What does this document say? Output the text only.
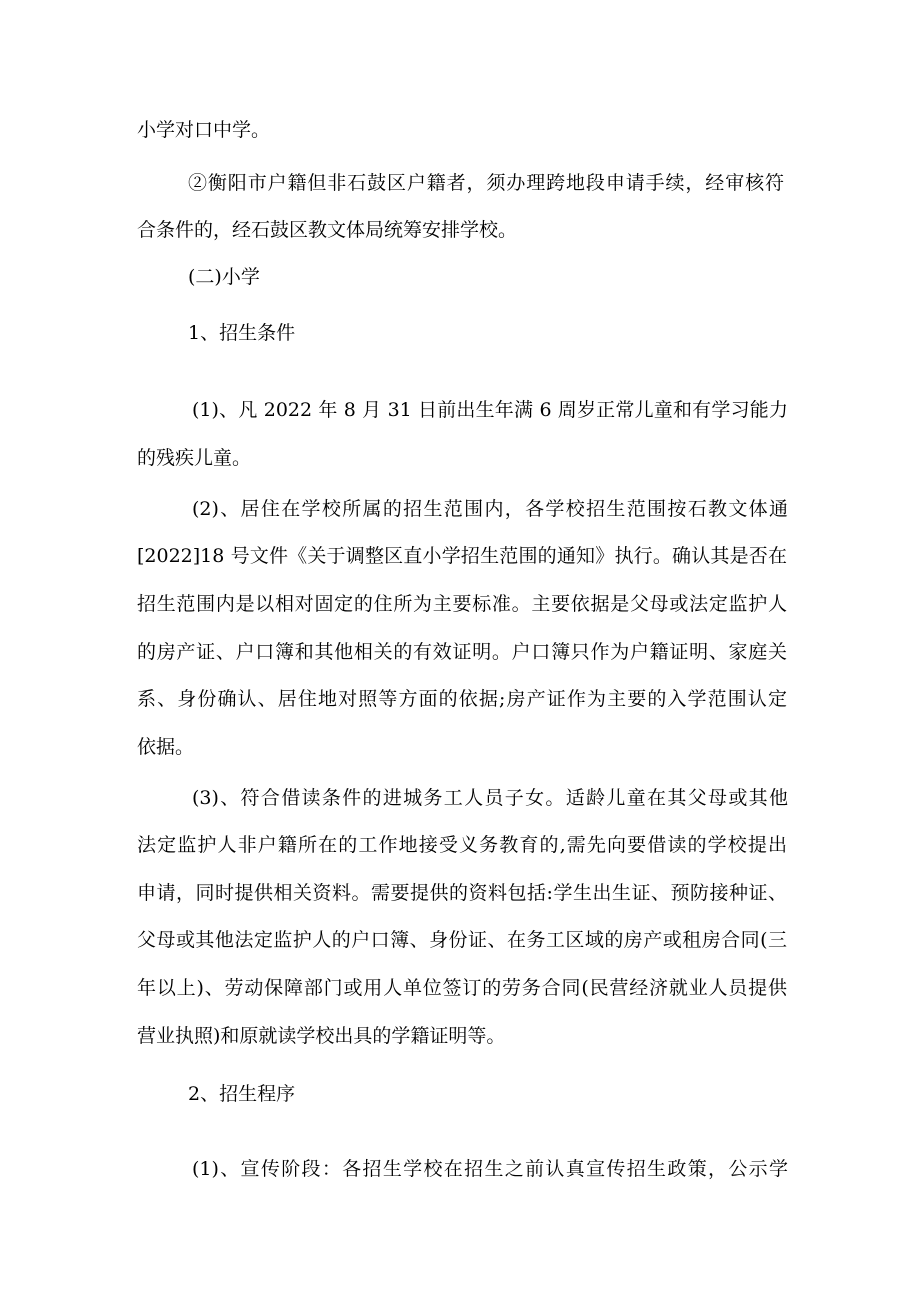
小学对口中学。
②衡阳市户籍但非石鼓区户籍者，须办理跨地段申请手续，经审核符
合条件的，经石鼓区教文体局统筹安排学校。
(二)小学
1、招生条件
(1)、凡 2022 年 8 月 31 日前出生年满 6 周岁正常儿童和有学习能力
的残疾儿童。
(2)、居住在学校所属的招生范围内，各学校招生范围按石教文体通
[2022]18 号文件《关于调整区直小学招生范围的通知》执行。确认其是否在
招生范围内是以相对固定的住所为主要标准。主要依据是父母或法定监护人
的房产证、户口簿和其他相关的有效证明。户口簿只作为户籍证明、家庭关
系、身份确认、居住地对照等方面的依据;房产证作为主要的入学范围认定
依据。
(3)、符合借读条件的进城务工人员子女。适龄儿童在其父母或其他
法定监护人非户籍所在的工作地接受义务教育的,需先向要借读的学校提出
申请，同时提供相关资料。需要提供的资料包括:学生出生证、预防接种证、
父母或其他法定监护人的户口簿、身份证、在务工区域的房产或租房合同(三
年以上)、劳动保障部门或用人单位签订的劳务合同(民营经济就业人员提供
营业执照)和原就读学校出具的学籍证明等。
2、招生程序
(1)、宣传阶段：各招生学校在招生之前认真宣传招生政策，公示学
